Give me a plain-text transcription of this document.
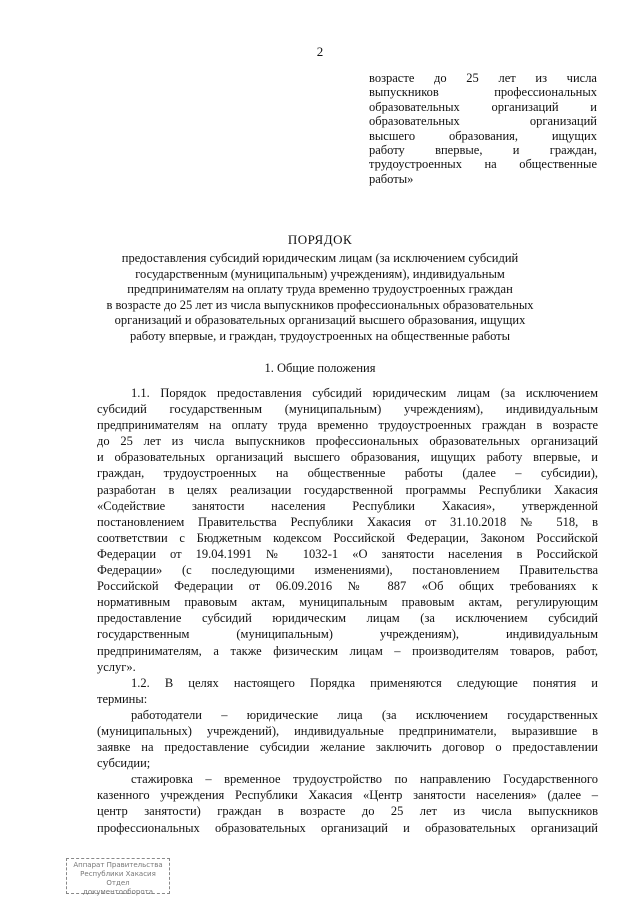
2
возрасте до 25 лет из числа
выпускников профессиональных
образовательных организаций и
образовательных организаций
высшего образования, ищущих
работу впервые, и граждан,
трудоустроенных на общественные
работы»
ПОРЯДОК
предоставления субсидий юридическим лицам (за исключением субсидий
государственным (муниципальным) учреждениям), индивидуальным
предпринимателям на оплату труда временно трудоустроенных граждан
в возрасте до 25 лет из числа выпускников профессиональных образовательных
организаций и образовательных организаций высшего образования, ищущих
работу впервые, и граждан, трудоустроенных на общественные работы
1. Общие положения
1.1. Порядок предоставления субсидий юридическим лицам (за исключением
субсидий государственным (муниципальным) учреждениям), индивидуальным
предпринимателям на оплату труда временно трудоустроенных граждан в возрасте
до 25 лет из числа выпускников профессиональных образовательных организаций
и образовательных организаций высшего образования, ищущих работу впервые, и
граждан, трудоустроенных на общественные работы (далее – субсидии),
разработан в целях реализации государственной программы Республики Хакасия
«Содействие занятости населения Республики Хакасия», утвержденной
постановлением Правительства Республики Хакасия от 31.10.2018 № 518, в
соответствии с Бюджетным кодексом Российской Федерации, Законом Российской
Федерации от 19.04.1991 № 1032-1 «О занятости населения в Российской
Федерации» (с последующими изменениями), постановлением Правительства
Российской Федерации от 06.09.2016 № 887 «Об общих требованиях к
нормативным правовым актам, муниципальным правовым актам, регулирующим
предоставление субсидий юридическим лицам (за исключением субсидий
государственным (муниципальным) учреждениям), индивидуальным
предпринимателям, а также физическим лицам – производителям товаров, работ,
услуг».
1.2. В целях настоящего Порядка применяются следующие понятия и
термины:
работодатели – юридические лица (за исключением государственных
(муниципальных) учреждений), индивидуальные предприниматели, выразившие в
заявке на предоставление субсидии желание заключить договор о предоставлении
субсидии;
стажировка – временное трудоустройство по направлению Государственного
казенного учреждения Республики Хакасия «Центр занятости населения» (далее –
центр занятости) граждан в возрасте до 25 лет из числа выпускников
профессиональных образовательных организаций и образовательных организаций
Аппарат Правительства
Республики Хакасия
Отдел документооборота
